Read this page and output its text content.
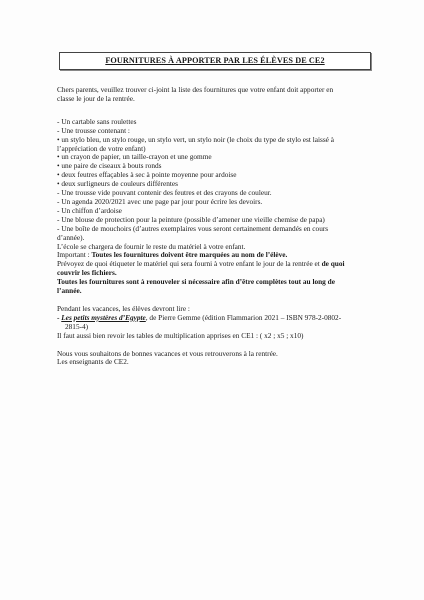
FOURNITURES À APPORTER PAR LES ÉLÈVES DE CE2
Chers parents, veuillez trouver ci-joint la liste des fournitures que votre enfant doit apporter en
classe le jour de la rentrée.
- Un cartable sans roulettes
- Une trousse contenant :
• un stylo bleu, un stylo rouge, un stylo vert, un stylo noir (le choix du type de stylo est laissé à
l’appréciation de votre enfant)
• un crayon de papier, un taille-crayon et une gomme
• une paire de ciseaux à bouts ronds
• deux feutres effaçables à sec à pointe moyenne pour ardoise
• deux surligneurs de couleurs différentes
- Une trousse vide pouvant contenir des feutres et des crayons de couleur.
- Un agenda 2020/2021 avec une page par jour pour écrire les devoirs.
- Un chiffon d’ardoise
- Une blouse de protection pour la peinture (possible d’amener une vieille chemise de papa)
- Une boîte de mouchoirs (d’autres exemplaires vous seront certainement demandés en cours
d’année).
L’école se chargera de fournir le reste du matériel à votre enfant.
Important : Toutes les fournitures doivent être marquées au nom de l’élève.
Prévoyez de quoi étiqueter le matériel qui sera fourni à votre enfant le jour de la rentrée et de quoi
couvrir les fichiers.
Toutes les fournitures sont à renouveler si nécessaire afin d’être complètes tout au long de
l’année.
Pendant les vacances, les élèves devront lire :
- Les petits mystères d’Egypte, de Pierre Gemme (édition Flammarion 2021 – ISBN 978-2-0802-
2815-4)
Il faut aussi bien revoir les tables de multiplication apprises en CE1 : ( x2 ; x5 ; x10)
Nous vous souhaitons de bonnes vacances et vous retrouverons à la rentrée.
Les enseignants de CE2.
